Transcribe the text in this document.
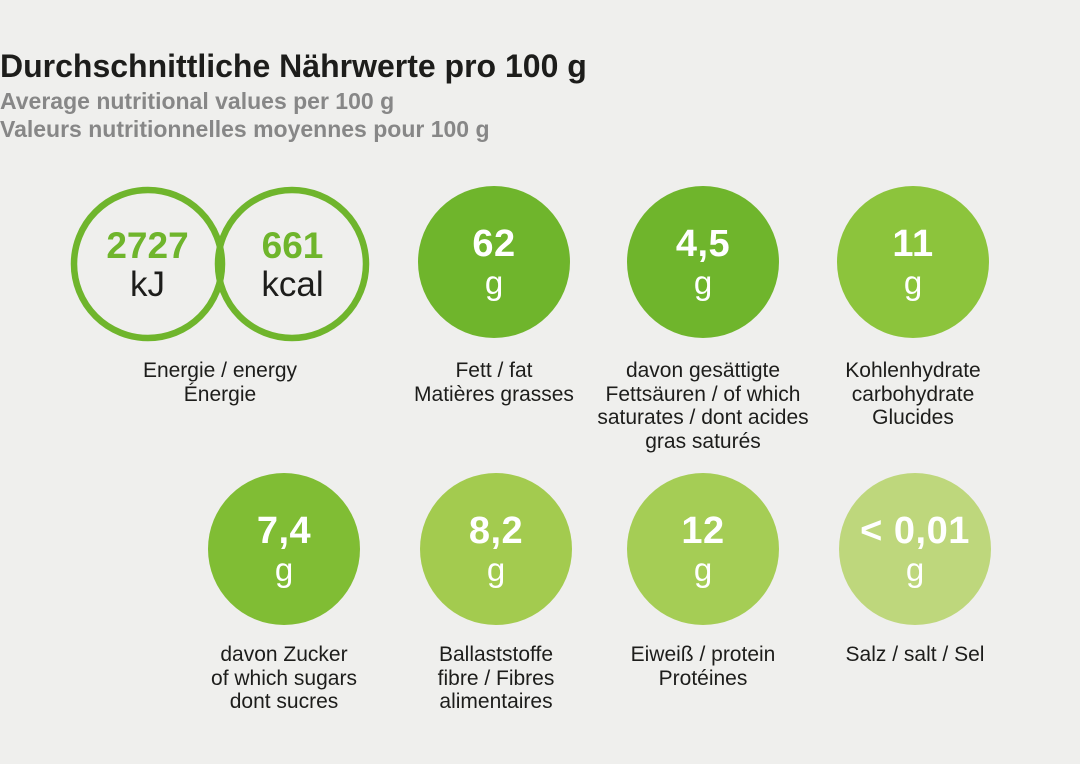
Durchschnittliche Nährwerte pro 100 g
Average nutritional values per 100 g
Valeurs nutritionnelles moyennes pour 100 g
2727
kJ
661
kcal
Energie / energy
Énergie
62
g
Fett / fat
Matières grasses
4,5
g
davon gesättigte
Fettsäuren / of which
saturates / dont acides
gras saturés
11
g
Kohlenhydrate
carbohydrate
Glucides
7,4
g
davon Zucker
of which sugars
dont sucres
8,2
g
Ballaststoffe
fibre / Fibres
alimentaires
12
g
Eiweiß / protein
Protéines
< 0,01
g
Salz / salt / Sel
